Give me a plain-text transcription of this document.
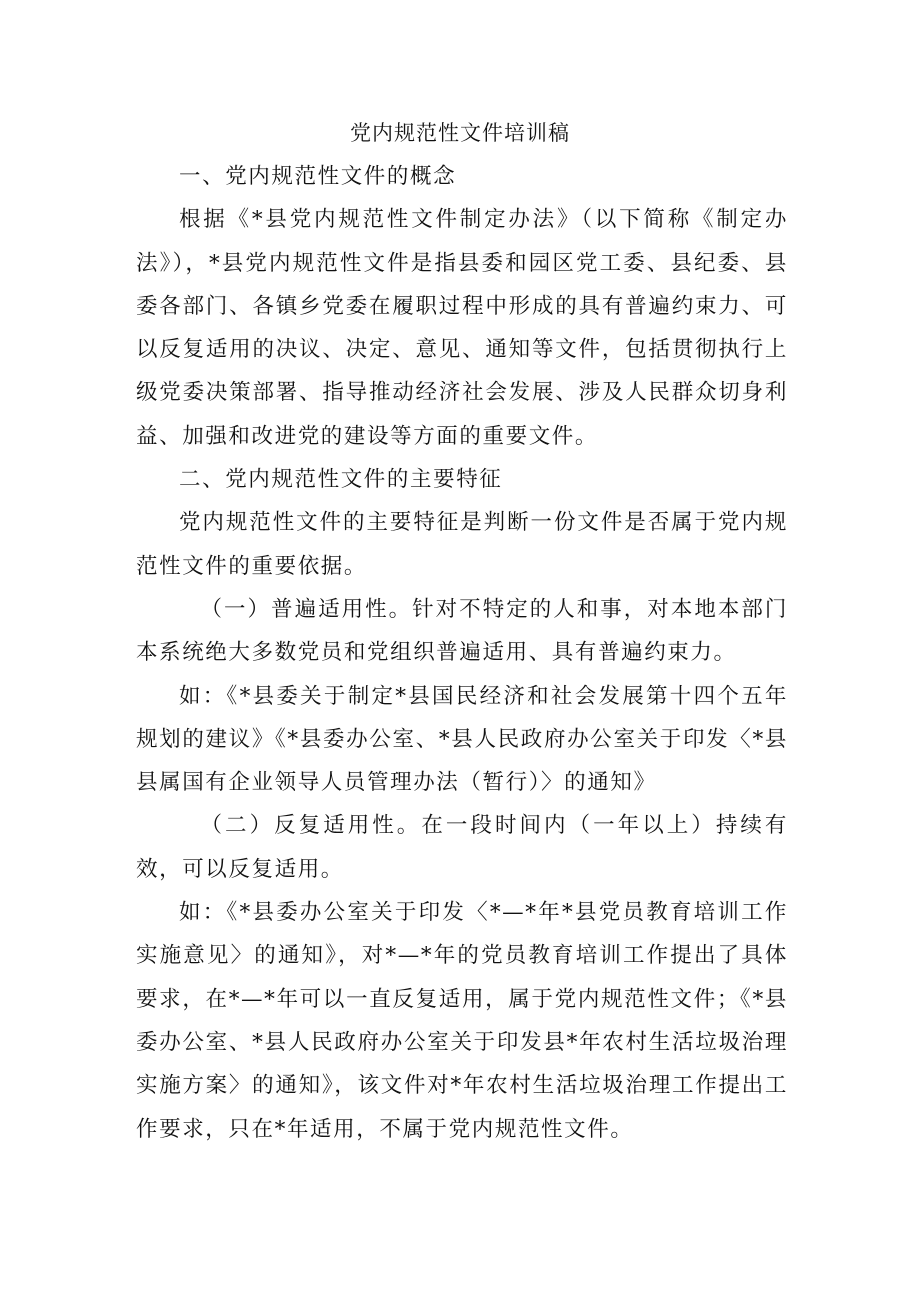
党内规范性文件培训稿

一、党内规范性文件的概念

根据《*县党内规范性文件制定办法》（以下简称《制定办法》），*县党内规范性文件是指县委和园区党工委、县纪委、县委各部门、各镇乡党委在履职过程中形成的具有普遍约束力、可以反复适用的决议、决定、意见、通知等文件，包括贯彻执行上级党委决策部署、指导推动经济社会发展、涉及人民群众切身利益、加强和改进党的建设等方面的重要文件。

二、党内规范性文件的主要特征

党内规范性文件的主要特征是判断一份文件是否属于党内规范性文件的重要依据。

（一）普遍适用性。针对不特定的人和事，对本地本部门本系统绝大多数党员和党组织普遍适用、具有普遍约束力。

如：《*县委关于制定*县国民经济和社会发展第十四个五年规划的建议》《*县委办公室、*县人民政府办公室关于印发〈*县县属国有企业领导人员管理办法（暂行）〉的通知》

（二）反复适用性。在一段时间内（一年以上）持续有效，可以反复适用。

如：《*县委办公室关于印发〈*—*年*县党员教育培训工作实施意见〉的通知》，对*—*年的党员教育培训工作提出了具体要求，在*—*年可以一直反复适用，属于党内规范性文件；《*县委办公室、*县人民政府办公室关于印发县*年农村生活垃圾治理实施方案〉的通知》，该文件对*年农村生活垃圾治理工作提出工作要求，只在*年适用，不属于党内规范性文件。
